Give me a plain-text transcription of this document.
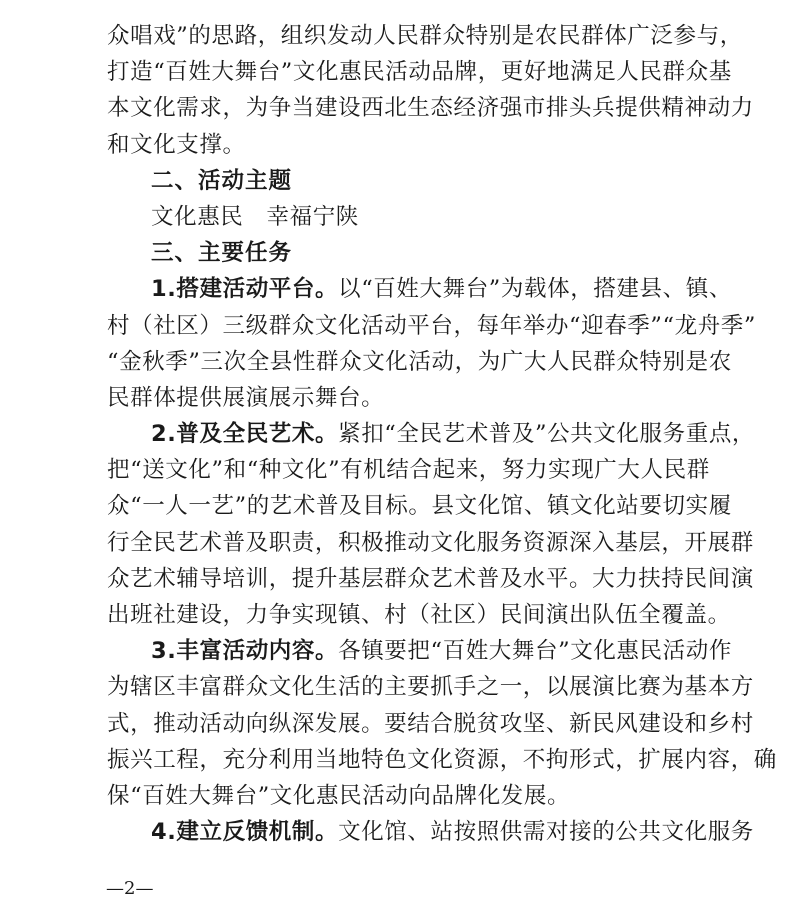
众唱戏”的思路，组织发动人民群众特别是农民群体广泛参与，
打造“百姓大舞台”文化惠民活动品牌，更好地满足人民群众基
本文化需求，为争当建设西北生态经济强市排头兵提供精神动力
和文化支撑。
二、活动主题
文化惠民　幸福宁陕
三、主要任务
1.搭建活动平台。以“百姓大舞台”为载体，搭建县、镇、
村（社区）三级群众文化活动平台，每年举办“迎春季”“龙舟季”
“金秋季”三次全县性群众文化活动，为广大人民群众特别是农
民群体提供展演展示舞台。
2.普及全民艺术。紧扣“全民艺术普及”公共文化服务重点，
把“送文化”和“种文化”有机结合起来，努力实现广大人民群
众“一人一艺”的艺术普及目标。县文化馆、镇文化站要切实履
行全民艺术普及职责，积极推动文化服务资源深入基层，开展群
众艺术辅导培训，提升基层群众艺术普及水平。大力扶持民间演
出班社建设，力争实现镇、村（社区）民间演出队伍全覆盖。
3.丰富活动内容。各镇要把“百姓大舞台”文化惠民活动作
为辖区丰富群众文化生活的主要抓手之一，以展演比赛为基本方
式，推动活动向纵深发展。要结合脱贫攻坚、新民风建设和乡村
振兴工程，充分利用当地特色文化资源，不拘形式，扩展内容，确
保“百姓大舞台”文化惠民活动向品牌化发展。
4.建立反馈机制。文化馆、站按照供需对接的公共文化服务
—2—
